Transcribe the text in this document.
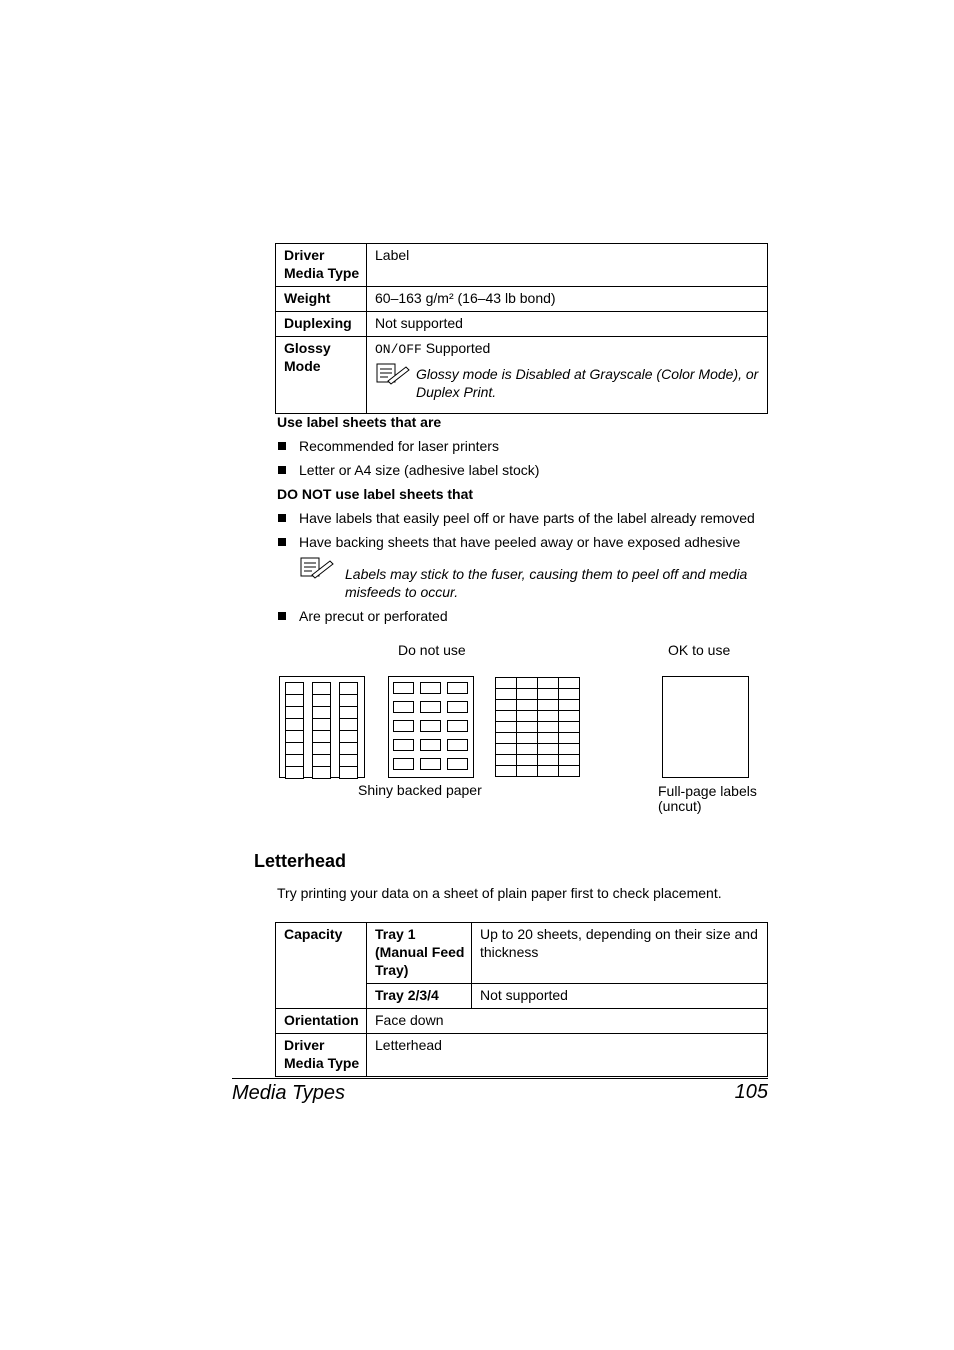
Driver Media Type	Label
Weight	60–163 g/m² (16–43 lb bond)
Duplexing	Not supported
Glossy Mode	ON/OFF Supported
Glossy mode is Disabled at Grayscale (Color Mode), or Duplex Print.
Use label sheets that are
Recommended for laser printers
Letter or A4 size (adhesive label stock)
DO NOT use label sheets that
Have labels that easily peel off or have parts of the label already removed
Have backing sheets that have peeled away or have exposed adhesive
Labels may stick to the fuser, causing them to peel off and media misfeeds to occur.
Are precut or perforated
Do not use	OK to use
Shiny backed paper	Full-page labels
(uncut)
Letterhead
Try printing your data on a sheet of plain paper first to check placement.
Capacity	Tray 1 (Manual Feed Tray)	Up to 20 sheets, depending on their size and thickness
	Tray 2/3/4	Not supported
Orientation	Face down	
Driver Media Type	Letterhead	
Media Types	105
